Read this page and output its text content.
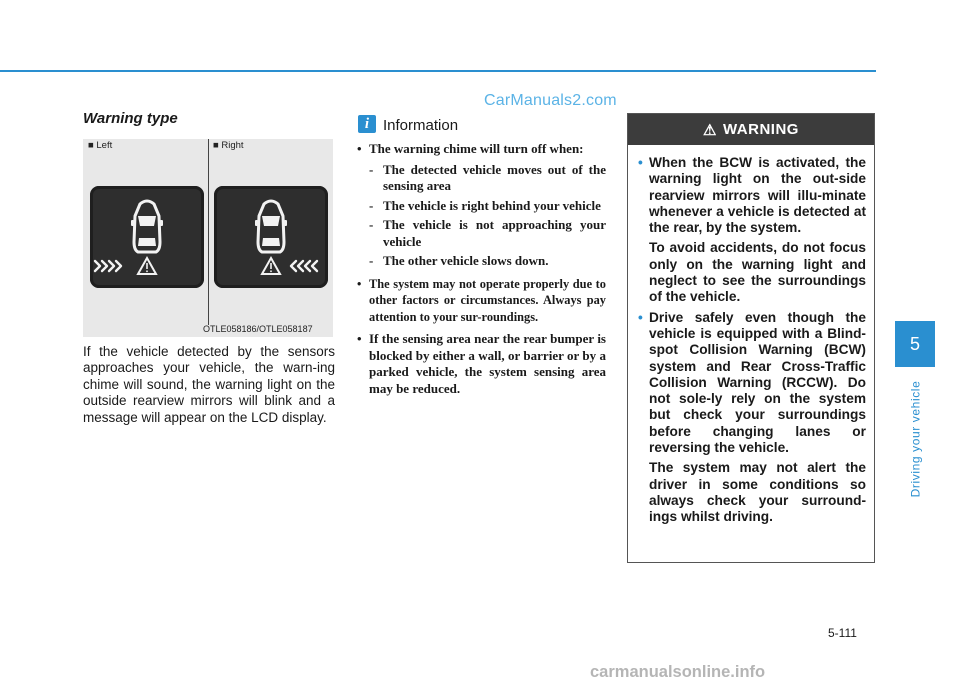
CarManuals2.com
Warning type
■ Left	■ Right
OTLE058186/OTLE058187
If the vehicle detected by the sensors approaches your vehicle, the warn-ing chime will sound, the warning light on the outside rearview mirrors will blink and a message will appear on the LCD display.
i Information
• The warning chime will turn off when:
- The detected vehicle moves out of the sensing area
- The vehicle is right behind your vehicle
- The vehicle is not approaching your vehicle
- The other vehicle slows down.
• The system may not operate properly due to other factors or circumstances. Always pay attention to your sur-roundings.
• If the sensing area near the rear bumper is blocked by either a wall, or barrier or by a parked vehicle, the system sensing area may be reduced.
⚠ WARNING
• When the BCW is activated, the warning light on the out-side rearview mirrors will illu-minate whenever a vehicle is detected at the rear, by the system.
To avoid accidents, do not focus only on the warning light and neglect to see the surroundings of the vehicle.
• Drive safely even though the vehicle is equipped with a Blind-spot Collision Warning (BCW) system and Rear Cross-Traffic Collision Warning (RCCW). Do not sole-ly rely on the system but check your surroundings before changing lanes or reversing the vehicle.
The system may not alert the driver in some conditions so always check your surround-ings whilst driving.
5
Driving your vehicle
5-111
carmanualsonline.info
